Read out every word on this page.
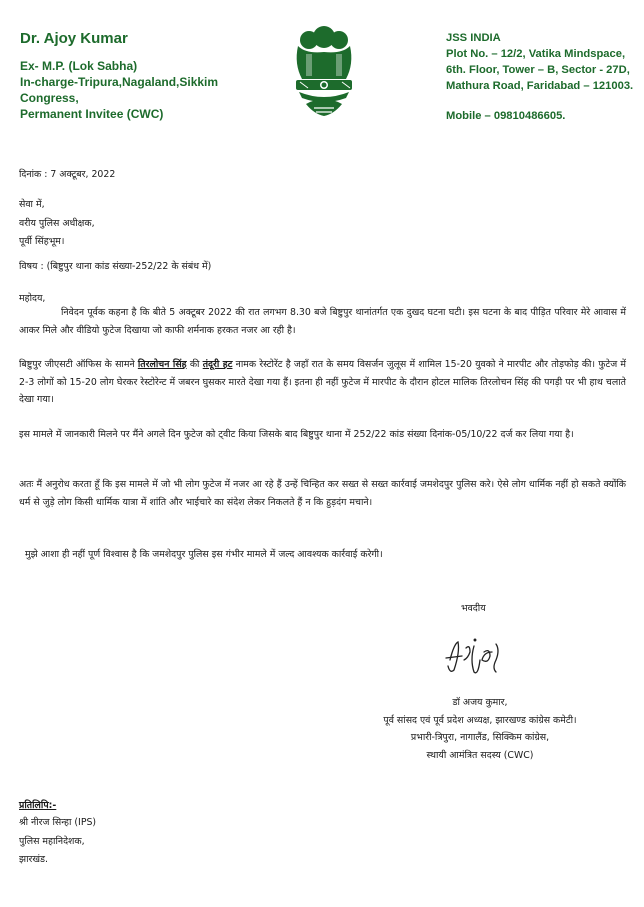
Dr. Ajoy Kumar
Ex- M.P. (Lok Sabha)
In-charge-Tripura,Nagaland,Sikkim
Congress,
Permanent Invitee (CWC)
JSS INDIA
Plot No. – 12/2, Vatika Mindspace,
6th. Floor, Tower – B, Sector - 27D,
Mathura Road, Faridabad – 121003.
Mobile – 09810486605.
दिनांक : 7 अक्टूबर, 2022
सेवा में,
वरीय पुलिस अधीक्षक,
पूर्वी सिंहभूम।
विषय : (बिष्टुपुर थाना कांड संख्या-252/22 के संबंध में)
महोदय,
निवेदन पूर्वक कहना है कि बीते 5 अक्टूबर 2022 की रात लगभग 8.30 बजे बिष्टुपुर थानांतर्गत एक दुखद घटना घटी। इस घटना के बाद पीड़ित परिवार मेरे आवास में आकर मिले और वीडियो फुटेज दिखाया जो काफी शर्मनाक हरकत नजर आ रही है।
बिष्टुपुर जीएसटी ऑफिस के सामने तिरलोचन सिंह की तंदूरी हट नामक रेस्टोरेंट है जहाँ रात के समय विसर्जन जुलूस में शामिल 15-20 युवको ने मारपीट और तोड़फोड़ की। फुटेज में 2-3 लोगों को 15-20 लोग घेरकर रेस्टोरेन्ट में जबरन घुसकर मारते देखा गया हैं। इतना ही नहीं फुटेज में मारपीट के दौरान होटल मालिक तिरलोचन सिंह की पगड़ी पर भी हाथ चलाते देखा गया।
इस मामले में जानकारी मिलने पर मैंने अगले दिन फुटेज को ट्वीट किया जिसके बाद बिष्टुपुर थाना में 252/22 कांड संख्या दिनांक-05/10/22 दर्ज कर लिया गया है।
अतः मैं अनुरोध करता हूँ कि इस मामले में जो भी लोग फुटेज में नजर आ रहे हैं उन्हें चिन्हित कर सख्त से सख्त कार्रवाई जमशेदपुर पुलिस करे। ऐसे लोग धार्मिक नहीं हो सकते क्योंकि धर्म से जुड़े लोग किसी धार्मिक यात्रा में शांति और भाईचारे का संदेश लेकर निकलते हैं न कि हुड़दंग मचाने।
मुझे आशा ही नहीं पूर्ण विश्वास है कि जमशेदपुर पुलिस इस गंभीर मामले में जल्द आवश्यक कार्रवाई करेगी।
भवदीय
डॉ अजय कुमार,
पूर्व सांसद एवं पूर्व प्रदेश अध्यक्ष, झारखण्ड कांग्रेस कमेटी।
प्रभारी-त्रिपुरा, नागालैंड, सिक्किम कांग्रेस,
स्थायी आमंत्रित सदस्य (CWC)
प्रतिलिपि:-
श्री नीरज सिन्हा (IPS)
पुलिस महानिदेशक,
झारखंड.
